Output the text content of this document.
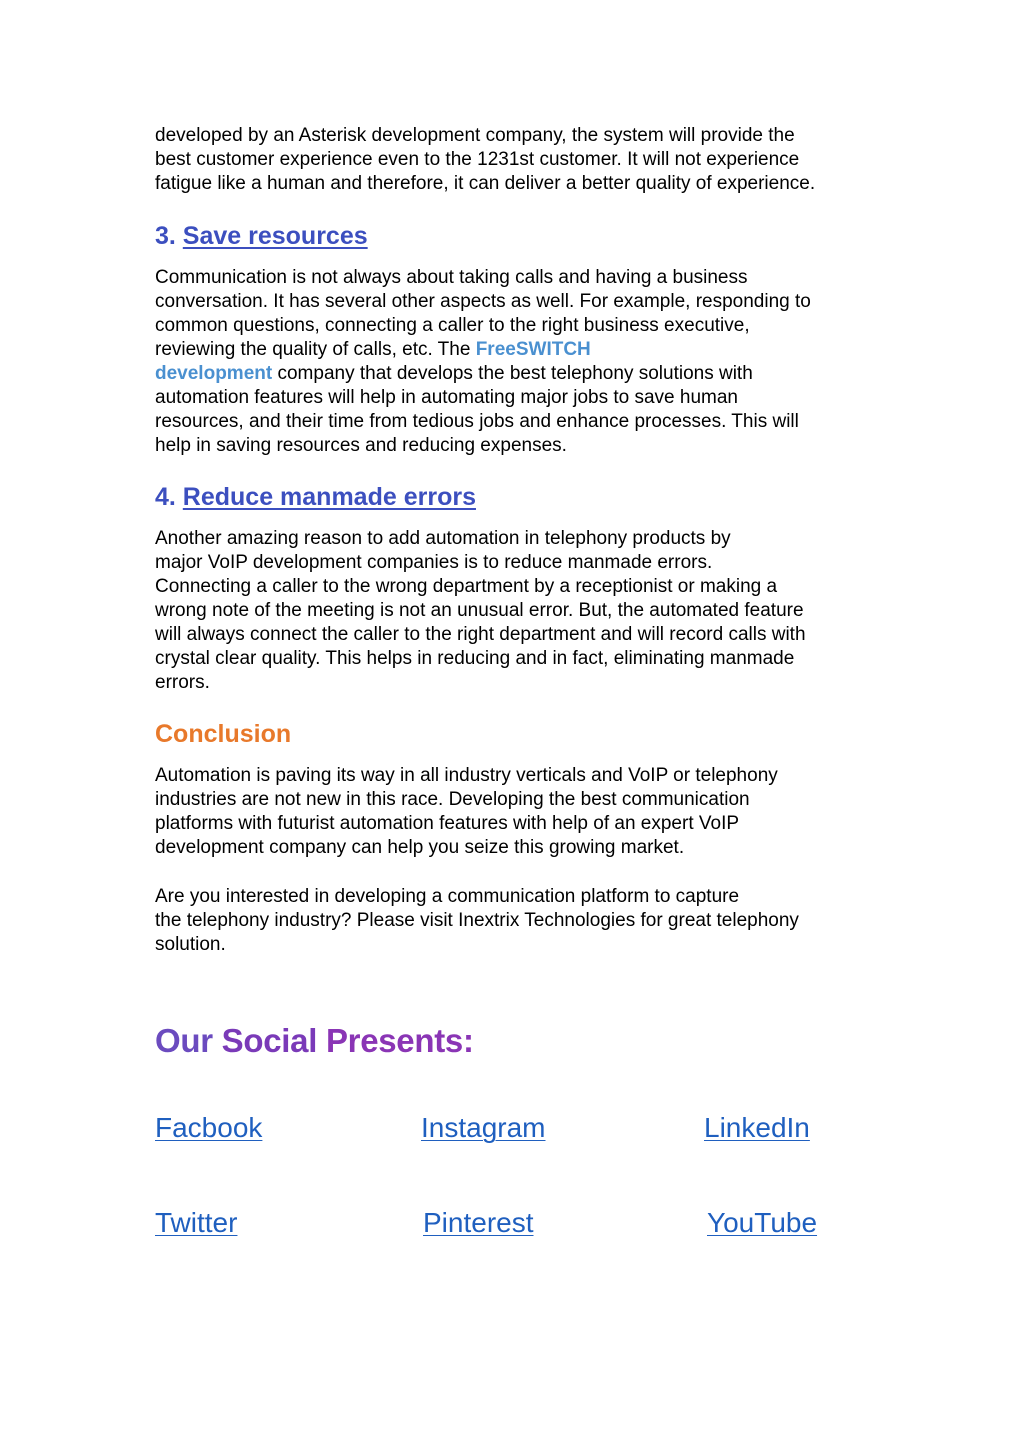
developed by an Asterisk development company, the system will provide the
best customer experience even to the 1231st customer. It will not experience
fatigue like a human and therefore, it can deliver a better quality of experience.

3. Save resources

Communication is not always about taking calls and having a business
conversation. It has several other aspects as well. For example, responding to
common questions, connecting a caller to the right business executive,
reviewing the quality of calls, etc. The FreeSWITCH
development company that develops the best telephony solutions with
automation features will help in automating major jobs to save human
resources, and their time from tedious jobs and enhance processes. This will
help in saving resources and reducing expenses.

4. Reduce manmade errors

Another amazing reason to add automation in telephony products by
major VoIP development companies is to reduce manmade errors.
Connecting a caller to the wrong department by a receptionist or making a
wrong note of the meeting is not an unusual error. But, the automated feature
will always connect the caller to the right department and will record calls with
crystal clear quality. This helps in reducing and in fact, eliminating manmade
errors.

Conclusion

Automation is paving its way in all industry verticals and VoIP or telephony
industries are not new in this race. Developing the best communication
platforms with futurist automation features with help of an expert VoIP
development company can help you seize this growing market.

Are you interested in developing a communication platform to capture
the telephony industry? Please visit Inextrix Technologies for great telephony
solution.

Our Social Presents:
Facbook	Instagram	LinkedIn
Twitter	Pinterest	YouTube
